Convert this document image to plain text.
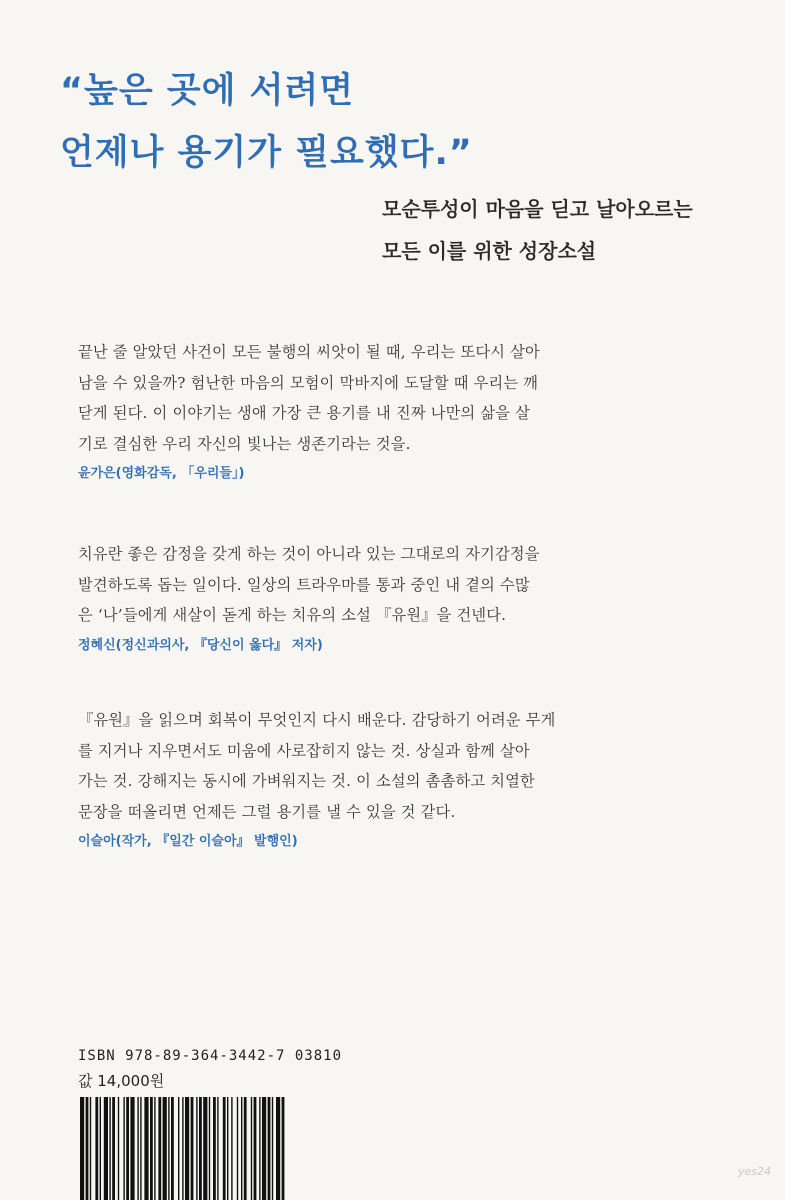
“높은 곳에 서려면
언제나 용기가 필요했다.”
모순투성이 마음을 딛고 날아오르는
모든 이를 위한 성장소설
끝난 줄 알았던 사건이 모든 불행의 씨앗이 될 때, 우리는 또다시 살아
남을 수 있을까? 험난한 마음의 모험이 막바지에 도달할 때 우리는 깨
닫게 된다. 이 이야기는 생애 가장 큰 용기를 내 진짜 나만의 삶을 살
기로 결심한 우리 자신의 빛나는 생존기라는 것을.
윤가은(영화감독, 「우리들」)
치유란 좋은 감정을 갖게 하는 것이 아니라 있는 그대로의 자기감정을
발견하도록 돕는 일이다. 일상의 트라우마를 통과 중인 내 곁의 수많
은 ‘나’들에게 새살이 돋게 하는 치유의 소설 『유원』을 건넨다.
정혜신(정신과의사, 『당신이 옳다』 저자)
『유원』을 읽으며 회복이 무엇인지 다시 배운다. 감당하기 어려운 무게
를 지거나 지우면서도 미움에 사로잡히지 않는 것. 상실과 함께 살아
가는 것. 강해지는 동시에 가벼워지는 것. 이 소설의 촘촘하고 치열한
문장을 떠올리면 언제든 그럴 용기를 낼 수 있을 것 같다.
이슬아(작가, 『일간 이슬아』 발행인)
ISBN 978-89-364-3442-7 03810
값 14,000원
yes24
